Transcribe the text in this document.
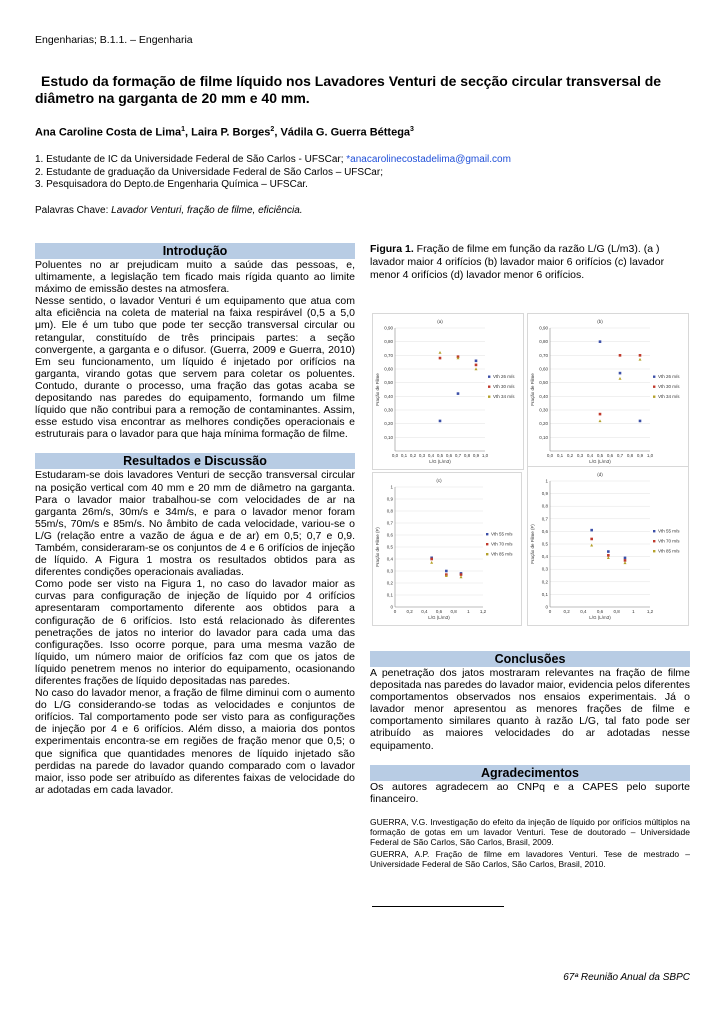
Engenharias; B.1.1. – Engenharia
Estudo da formação de filme líquido nos Lavadores Venturi de secção circular transversal de diâmetro na garganta de 20 mm e 40 mm.
Ana Caroline Costa de Lima$^1$, Laira P. Borges$^2$, Vádila G. Guerra Béttega$^3$
1. Estudante de IC da Universidade Federal de São Carlos - UFSCar; *anacarolinecostadelima@gmail.com
2. Estudante de graduação da Universidade Federal de São Carlos – UFSCar;
3. Pesquisadora do Depto.de Engenharia Química – UFSCar.
Palavras Chave: Lavador Venturi, fração de filme, eficiência.
Introdução

Poluentes no ar prejudicam muito a saúde das pessoas, e, ultimamente, a legislação tem ficado mais rígida quanto ao limite máximo de emissão destes na atmosfera.

Nesse sentido, o lavador Venturi é um equipamento que atua com alta eficiência na coleta de material na faixa respirável (0,5 a 5,0 μm). Ele é um tubo que pode ter secção transversal circular ou retangular, constituído de três principais partes: a seção convergente, a garganta e o difusor. (Guerra, 2009 e Guerra, 2010) Em seu funcionamento, um líquido é injetado por orifícios na garganta, virando gotas que servem para coletar os poluentes. Contudo, durante o processo, uma fração das gotas acaba se depositando nas paredes do equipamento, formando um filme líquido que não contribui para a remoção de contaminantes. Assim, esse estudo visa encontrar as melhores condições operacionais e estruturais para o lavador para que haja mínima formação de filme.

Resultados e Discussão

Estudaram-se dois lavadores Venturi de secção transversal circular na posição vertical com 40 mm e 20 mm de diâmetro na garganta. Para o lavador maior trabalhou-se com velocidades de ar na garganta 26m/s, 30m/s e 34m/s, e para o lavador menor foram 55m/s, 70m/s e 85m/s. No âmbito de cada velocidade, variou-se o L/G (relação entre a vazão de água e de ar) em 0,5; 0,7 e 0,9. Também, consideraram-se os conjuntos de 4 e 6 orifícios de injeção de líquido. A Figura 1 mostra os resultados obtidos para as diferentes condições operacionais avaliadas.

Como pode ser visto na Figura 1, no caso do lavador maior as curvas para configuração de injeção de líquido por 4 orifícios apresentaram comportamento diferente aos obtidos para a configuração de 6 orifícios. Isto está relacionado às diferentes penetrações de jatos no interior do lavador para cada uma das configurações. Isso ocorre porque, para uma mesma vazão de líquido, um número maior de orifícios faz com que os jatos de líquido penetrem menos no interior do equipamento, ocasionando diferentes frações de líquido depositadas nas paredes.

No caso do lavador menor, a fração de filme diminui com o aumento do L/G considerando-se todas as velocidades e conjuntos de orifícios. Tal comportamento pode ser visto para as configurações de injeção por 4 e 6 orifícios. Além disso, a maioria dos pontos experimentais encontra-se em regiões de fração menor que 0,5; o que significa que quantidades menores de líquido injetado são perdidas na parede do lavador quando comparado com o lavador maior, isso pode ser atribuído as diferentes faixas de velocidade do ar adotadas em cada lavador.

Figura 1. Fração de filme em função da razão L/G (L/m3). (a ) lavador maior 4 orifícios (b) lavador maior 6 orifícios (c) lavador menor 4 orifícios (d) lavador menor 6 orifícios.
(a)
0,10
0,20
0,30
0,40
0,50
0,60
0,70
0,80
0,90
0,0 0,1 0,2 0,3 0,4 0,5 0,6 0,7 0,8 0,9 1,0
L/G (L/m3)
Fração de Filme	Vth 26 m/s
Vth 30 m/s
Vth 34 m/s
(b)
0,10
0,20
0,30
0,40
0,50
0,60
0,70
0,80
0,90
0,0 0,1 0,2 0,3 0,4 0,5 0,6 0,7 0,8 0,9 1,0
L/G (L/m3)
Fração de Filme	Vth 26 m/s
Vth 30 m/s
Vth 34 m/s
(c)
0
0,1
0,2
0,3
0,4
0,5
0,6
0,7
0,8
0,9
1
0 0,2 0,4 0,6 0,8 1 1,2
L/G (L/m3)
Fração de Filme (F)	Vth 55 m/s
Vth 70 m/s
Vth 85 m/s
(d)
0
0,1
0,2
0,3
0,4
0,5
0,6
0,7
0,8
0,9
1
0	0,2 0,4 0,6 0,8	1	1,2
L/G (L/m3)
Fração de Filme (F)	Vth 55 m/s
Vth 70 m/s
Vth 85 m/s
Conclusões
A penetração dos jatos mostraram relevantes na fração de filme depositada nas paredes do lavador maior, evidencia pelos diferentes comportamentos observados nos ensaios experimentais. Já o lavador menor apresentou as menores frações de filme e comportamento similares quanto à razão L/G, tal fato pode ser atribuído as maiores velocidades do ar adotadas nesse equipamento.
Agradecimentos
Os autores agradecem ao CNPq e a CAPES pelo suporte financeiro.

GUERRA, V.G. Investigação do efeito da injeção de líquido por orifícios múltiplos na formação de gotas em um lavador Venturi. Tese de doutorado – Universidade Federal de São Carlos, São Carlos, Brasil, 2009.

GUERRA, A.P. Fração de filme em lavadores Venturi. Tese de mestrado – Universidade Federal de São Carlos, São Carlos, Brasil, 2010.

67ª Reunião Anual da SBPC
